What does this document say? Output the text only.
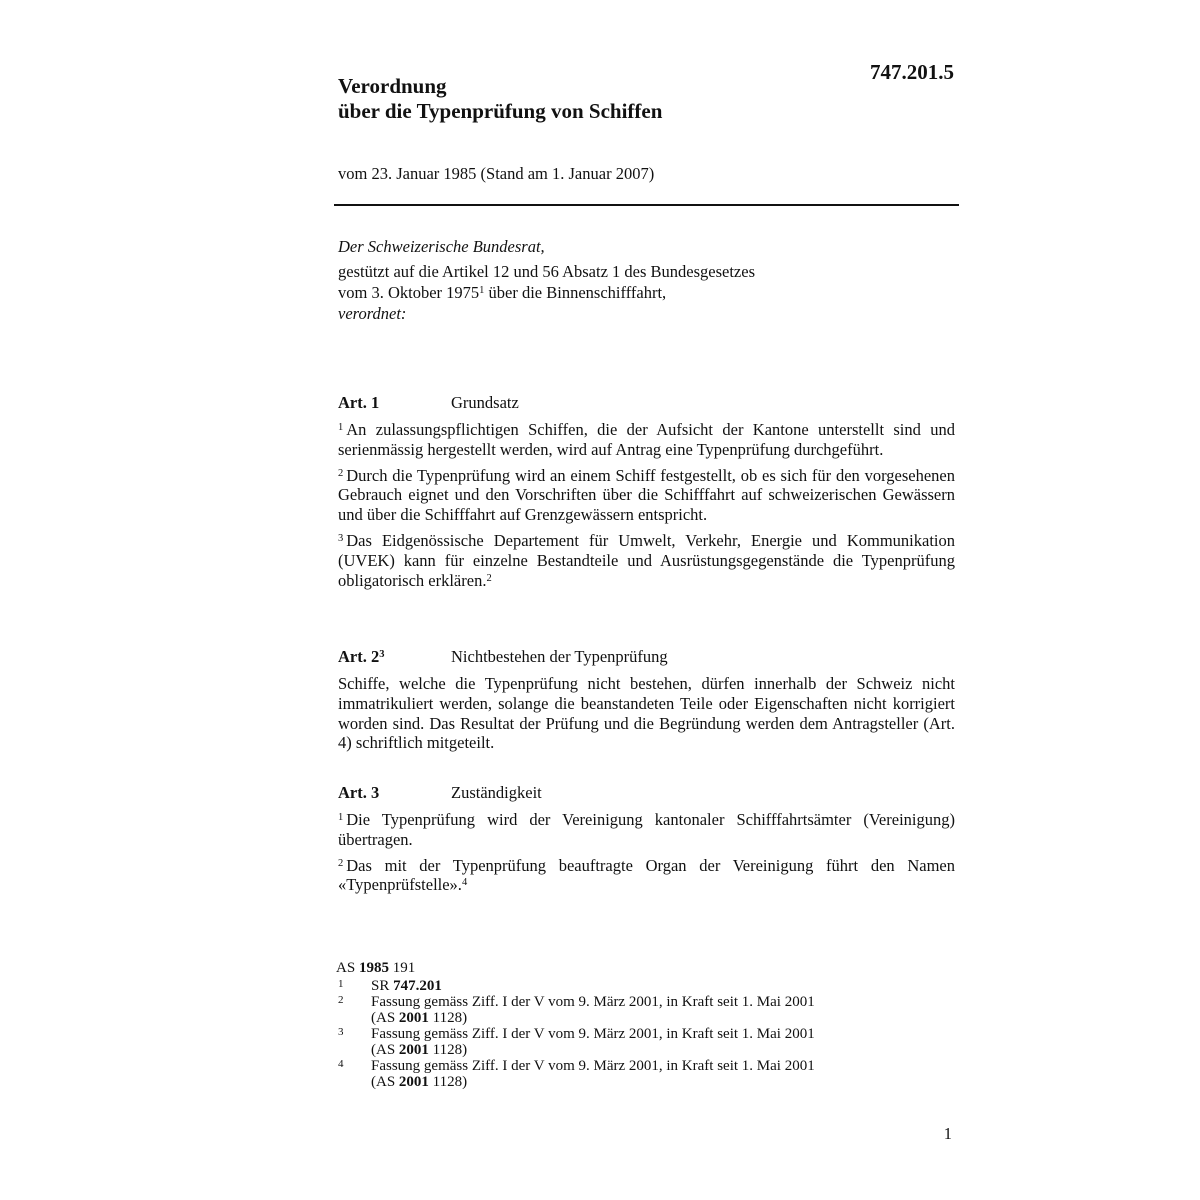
747.201.5
Verordnung
über die Typenprüfung von Schiffen
vom 23. Januar 1985 (Stand am 1. Januar 2007)
Der Schweizerische Bundesrat,
gestützt auf die Artikel 12 und 56 Absatz 1 des Bundesgesetzes
vom 3. Oktober 1975$^1$ über die Binnenschifffahrt,
verordnet:
Art. 1	Grundsatz
$^1$ An zulassungspflichtigen Schiffen, die der Aufsicht der Kantone unterstellt sind und serienmässig hergestellt werden, wird auf Antrag eine Typenprüfung durchgeführt.
$^2$ Durch die Typenprüfung wird an einem Schiff festgestellt, ob es sich für den vorgesehenen Gebrauch eignet und den Vorschriften über die Schifffahrt auf schweizerischen Gewässern und über die Schifffahrt auf Grenzgewässern entspricht.
$^3$ Das Eidgenössische Departement für Umwelt, Verkehr, Energie und Kommunikation (UVEK) kann für einzelne Bestandteile und Ausrüstungsgegenstände die Typenprüfung obligatorisch erklären.$^2$
Art. $2^3$	Nichtbestehen der Typenprüfung
Schiffe, welche die Typenprüfung nicht bestehen, dürfen innerhalb der Schweiz nicht immatrikuliert werden, solange die beanstandeten Teile oder Eigenschaften nicht korrigiert worden sind. Das Resultat der Prüfung und die Begründung werden dem Antragsteller (Art. 4) schriftlich mitgeteilt.
Art. 3	Zuständigkeit
$^1$ Die Typenprüfung wird der Vereinigung kantonaler Schifffahrtsämter (Vereinigung) übertragen.
$^2$ Das mit der Typenprüfung beauftragte Organ der Vereinigung führt den Namen «Typenprüfstelle».$^4$
AS 1985 191
1 SR 747.201
2 Fassung gemäss Ziff. I der V vom 9. März 2001, in Kraft seit 1. Mai 2001
(AS 2001 1128)
3 Fassung gemäss Ziff. I der V vom 9. März 2001, in Kraft seit 1. Mai 2001
(AS 2001 1128)
4 Fassung gemäss Ziff. I der V vom 9. März 2001, in Kraft seit 1. Mai 2001
(AS 2001 1128)
1
